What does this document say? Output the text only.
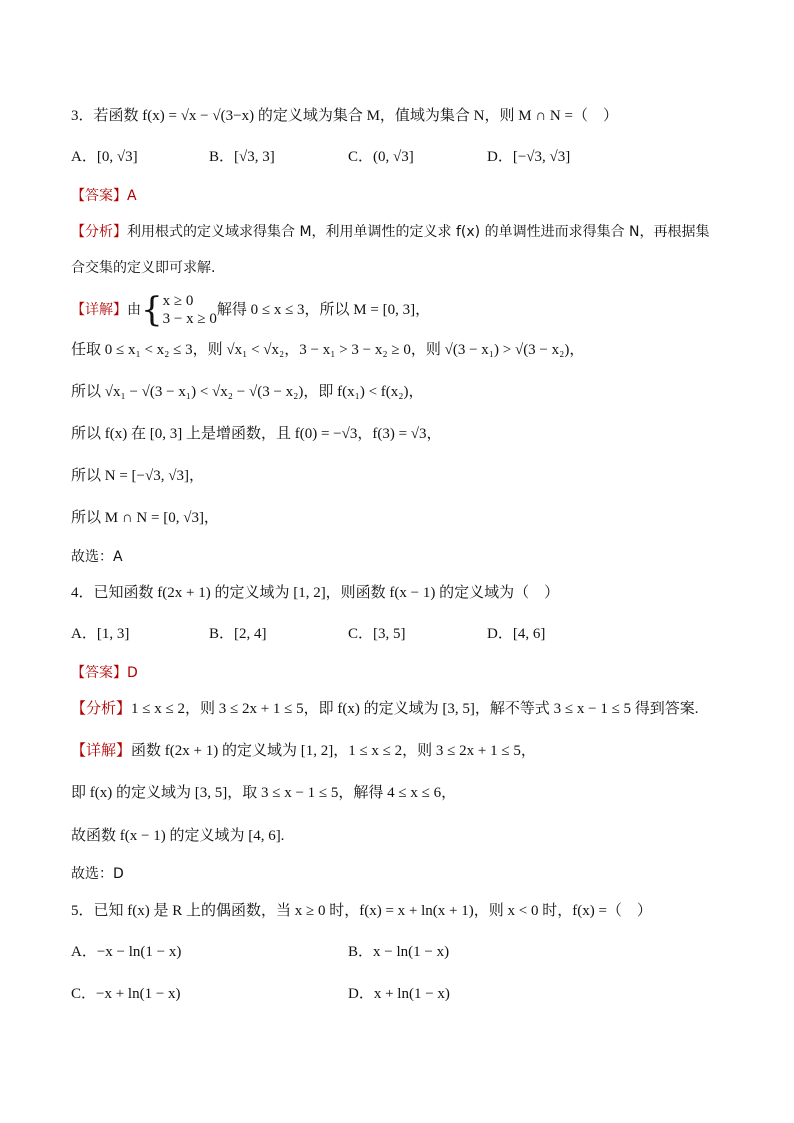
3．若函数 f(x) = √x − √(3−x) 的定义域为集合 M，值域为集合 N，则 M ∩ N =（　）
A．[0, √3]	B．[√3, 3]	C．(0, √3]	D．[−√3, √3]
【答案】A
【分析】利用根式的定义域求得集合 M，利用单调性的定义求 f(x) 的单调性进而求得集合 N，再根据集
合交集的定义即可求解.
【详解】由{ x ≥ 0
3 − x ≥ 0
解得 0 ≤ x ≤ 3，所以 M = [0, 3]，
任取 0 ≤ x₁ < x₂ ≤ 3，则 √x₁ < √x₂，3 − x₁ > 3 − x₂ ≥ 0，则 √(3 − x₁) > √(3 − x₂)，
所以 √x₁ − √(3 − x₁) < √x₂ − √(3 − x₂)，即 f(x₁) < f(x₂)，
所以 f(x) 在 [0, 3] 上是增函数，且 f(0) = −√3，f(3) = √3，
所以 N = [−√3, √3]，
所以 M ∩ N = [0, √3]，
故选：A
4．已知函数 f(2x + 1) 的定义域为 [1, 2]，则函数 f(x − 1) 的定义域为（　）
A．[1, 3]	B．[2, 4]	C．[3, 5]	D．[4, 6]
【答案】D
【分析】1 ≤ x ≤ 2，则 3 ≤ 2x + 1 ≤ 5，即 f(x) 的定义域为 [3, 5]，解不等式 3 ≤ x − 1 ≤ 5 得到答案.
【详解】函数 f(2x + 1) 的定义域为 [1, 2]，1 ≤ x ≤ 2，则 3 ≤ 2x + 1 ≤ 5，
即 f(x) 的定义域为 [3, 5]，取 3 ≤ x − 1 ≤ 5，解得 4 ≤ x ≤ 6，
故函数 f(x − 1) 的定义域为 [4, 6].
故选：D
5．已知 f(x) 是 R 上的偶函数，当 x ≥ 0 时，f(x) = x + ln(x + 1)，则 x < 0 时，f(x) =（　）
A．−x − ln(1 − x)	B．x − ln(1 − x)
C．−x + ln(1 − x)	D．x + ln(1 − x)
